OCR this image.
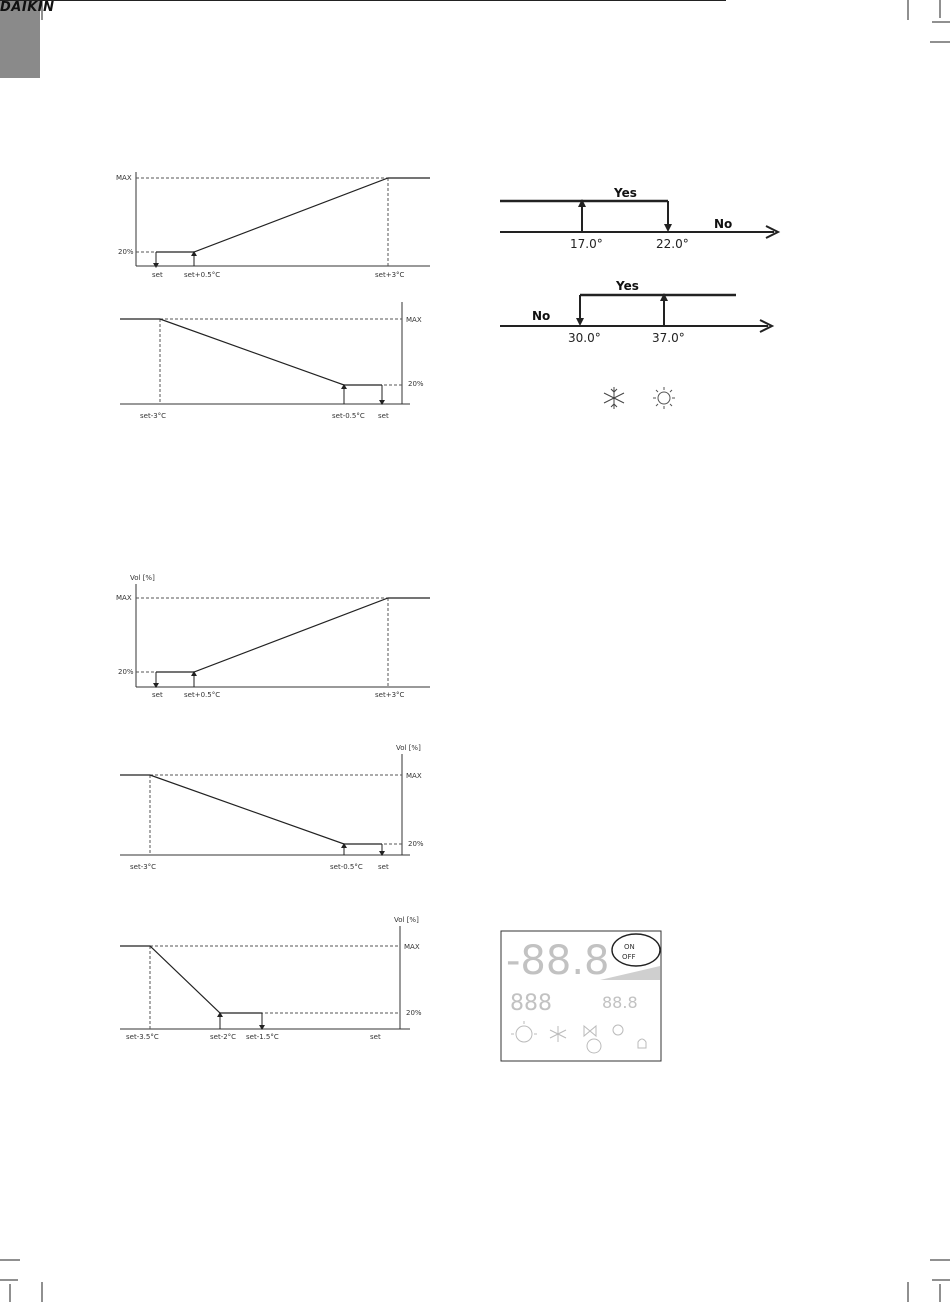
MAX
20%
set	set+0.5°C	set+3°C
MAX
20%
set-3°C	set-0.5°C set
Vol [%]
MAX
20%
set	set+0.5°C	set+3°C
Vol [%]
MAX
20%
set-3°C	set-0.5°C set
Vol [%]
MAX
20%
set-3.5°C	set-2°C set-1.5°C	set
Yes
No
17.0°	22.0°
Yes
No
30.0°	37.0°
-88.8
888	88.8
ON
OFF
DAIKIN
